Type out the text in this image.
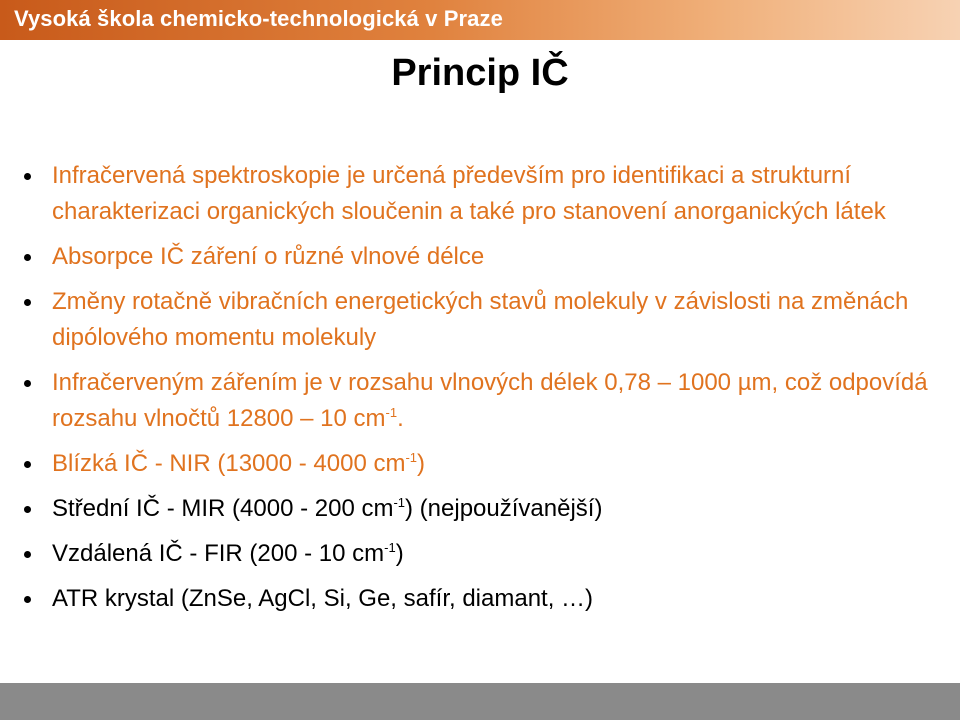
Vysoká škola chemicko-technologická v Praze
Princip IČ
Infračervená spektroskopie je určená především pro identifikaci a strukturní charakterizaci organických sloučenin a také pro stanovení anorganických látek
Absorpce IČ záření o různé vlnové délce
Změny rotačně vibračních energetických stavů molekuly v závislosti na změnách dipólového momentu molekuly
Infračerveným zářením je v rozsahu vlnových délek 0,78 – 1000 µm, což odpovídá rozsahu vlnočtů 12800 – 10 $cm^{-1}$.
Blízká IČ - NIR (13000 - 4000 $cm^{-1}$)
Střední IČ - MIR (4000 - 200 $cm^{-1}$) (nejpoužívanější)
Vzdálená IČ - FIR (200 - 10 $cm^{-1}$)
ATR krystal (ZnSe, AgCl, Si, Ge, safír, diamant, …)
